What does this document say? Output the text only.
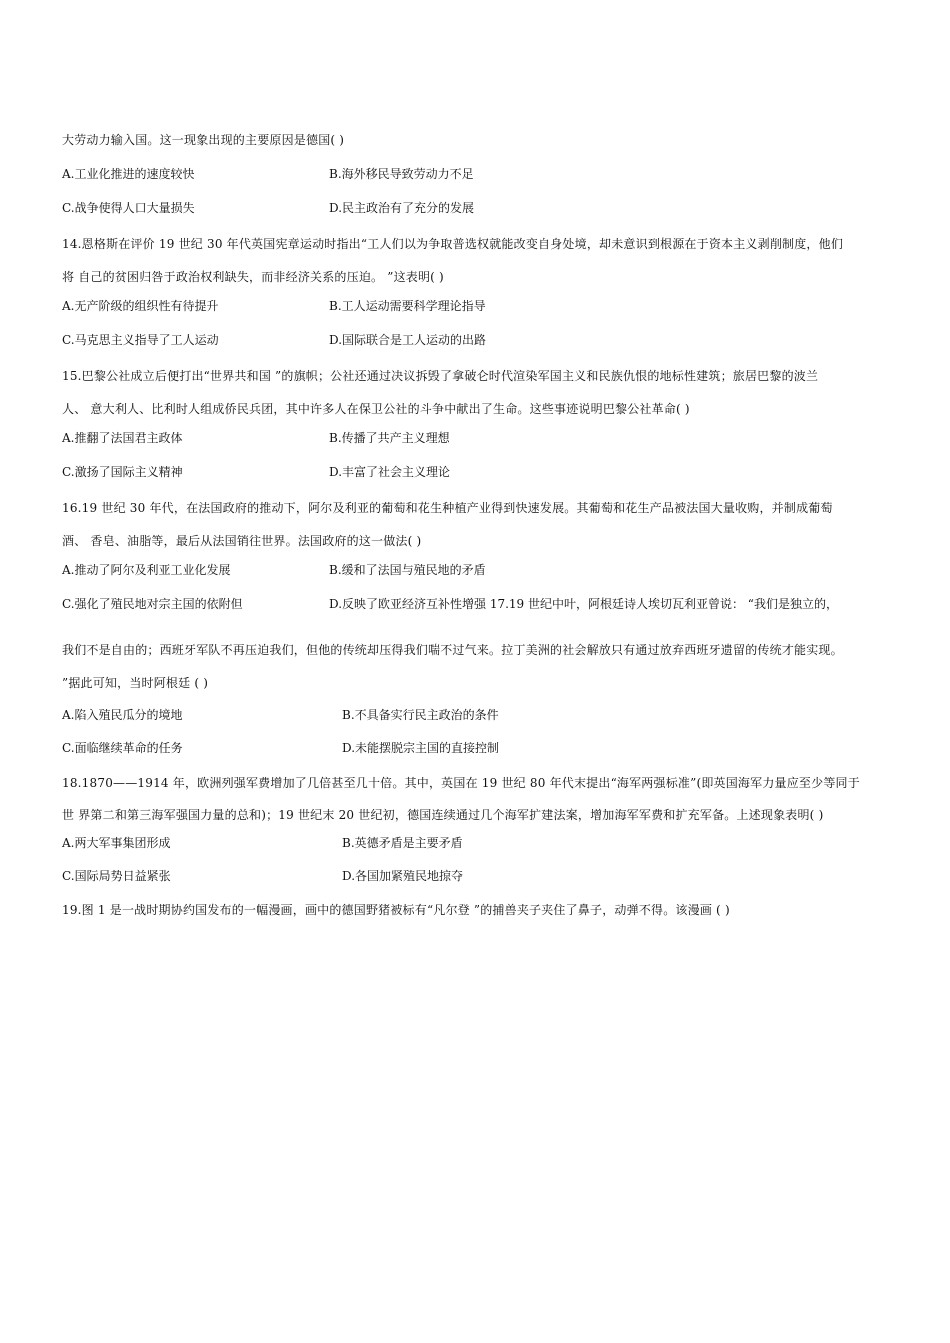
大劳动力输入国。这一现象出现的主要原因是德国( )
A.工业化推进的速度较快	B.海外移民导致劳动力不足
C.战争使得人口大量损失	D.民主政治有了充分的发展
14.恩格斯在评价 19 世纪 30 年代英国宪章运动时指出“工人们以为争取普选权就能改变自身处境，却未意识到根源在于资本主义剥削制度，他们
将 自己的贫困归咎于政治权利缺失，而非经济关系的压迫。 ”这表明( )
A.无产阶级的组织性有待提升	B.工人运动需要科学理论指导
C.马克思主义指导了工人运动	D.国际联合是工人运动的出路
15.巴黎公社成立后便打出“世界共和国 ”的旗帜；公社还通过决议拆毁了拿破仑时代渲染军国主义和民族仇恨的地标性建筑；旅居巴黎的波兰
人、 意大利人、比利时人组成侨民兵团，其中许多人在保卫公社的斗争中献出了生命。这些事迹说明巴黎公社革命( )
A.推翻了法国君主政体	B.传播了共产主义理想
C.激扬了国际主义精神	D.丰富了社会主义理论
16.19 世纪 30 年代，在法国政府的推动下，阿尔及利亚的葡萄和花生种植产业得到快速发展。其葡萄和花生产品被法国大量收购，并制成葡萄
酒、 香皂、油脂等，最后从法国销往世界。法国政府的这一做法( )
A.推动了阿尔及利亚工业化发展	B.缓和了法国与殖民地的矛盾
C.强化了殖民地对宗主国的依附但	D.反映了欧亚经济互补性增强 17.19 世纪中叶，阿根廷诗人埃切瓦利亚曾说： “我们是独立的，
我们不是自由的；西班牙军队不再压迫我们，但他的传统却压得我们喘不过气来。拉丁美洲的社会解放只有通过放弃西班牙遗留的传统才能实现。
”据此可知，当时阿根廷 ( )
A.陷入殖民瓜分的境地	B.不具备实行民主政治的条件
C.面临继续革命的任务	D.未能摆脱宗主国的直接控制
18.1870——1914 年，欧洲列强军费增加了几倍甚至几十倍。其中，英国在 19 世纪 80 年代末提出“海军两强标准”(即英国海军力量应至少等同于
世 界第二和第三海军强国力量的总和)；19 世纪末 20 世纪初，德国连续通过几个海军扩建法案，增加海军军费和扩充军备。上述现象表明( )
A.两大军事集团形成	B.英德矛盾是主要矛盾
C.国际局势日益紧张	D.各国加紧殖民地掠夺
19.图 1 是一战时期协约国发布的一幅漫画，画中的德国野猪被标有“凡尔登 ”的捕兽夹子夹住了鼻子，动弹不得。该漫画 ( )
